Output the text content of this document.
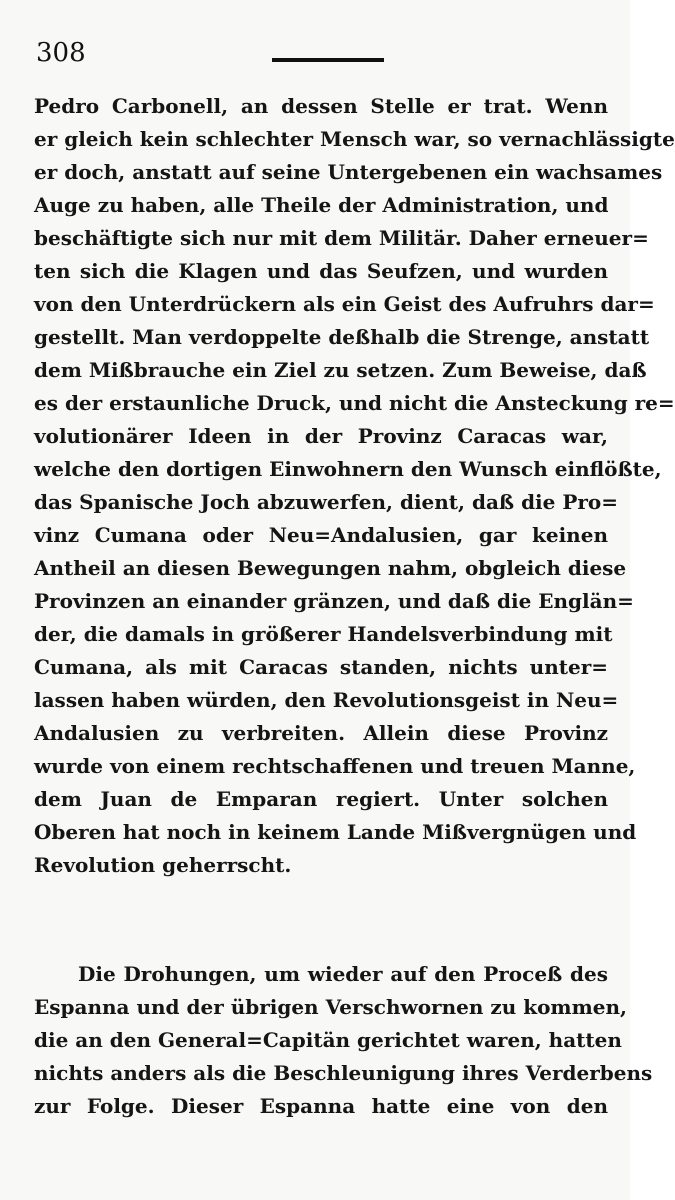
308
Pedro Carbonell, an dessen Stelle er trat. Wenn
er gleich kein schlechter Mensch war, so vernachlässigte
er doch, anstatt auf seine Untergebenen ein wachsames
Auge zu haben, alle Theile der Administration, und
beschäftigte sich nur mit dem Militär. Daher erneuer=
ten sich die Klagen und das Seufzen, und wurden
von den Unterdrückern als ein Geist des Aufruhrs dar=
gestellt. Man verdoppelte deßhalb die Strenge, anstatt
dem Mißbrauche ein Ziel zu setzen. Zum Beweise, daß
es der erstaunliche Druck, und nicht die Ansteckung re=
volutionärer Ideen in der Provinz Caracas war,
welche den dortigen Einwohnern den Wunsch einflößte,
das Spanische Joch abzuwerfen, dient, daß die Pro=
vinz Cumana oder Neu=Andalusien, gar keinen
Antheil an diesen Bewegungen nahm, obgleich diese
Provinzen an einander gränzen, und daß die Englän=
der, die damals in größerer Handelsverbindung mit
Cumana, als mit Caracas standen, nichts unter=
lassen haben würden, den Revolutionsgeist in Neu=
Andalusien zu verbreiten. Allein diese Provinz
wurde von einem rechtschaffenen und treuen Manne,
dem Juan de Emparan regiert. Unter solchen
Oberen hat noch in keinem Lande Mißvergnügen und
Revolution geherrscht.
Die Drohungen, um wieder auf den Proceß des
Espanna und der übrigen Verschwornen zu kommen,
die an den General=Capitän gerichtet waren, hatten
nichts anders als die Beschleunigung ihres Verderbens
zur Folge. Dieser Espanna hatte eine von den
